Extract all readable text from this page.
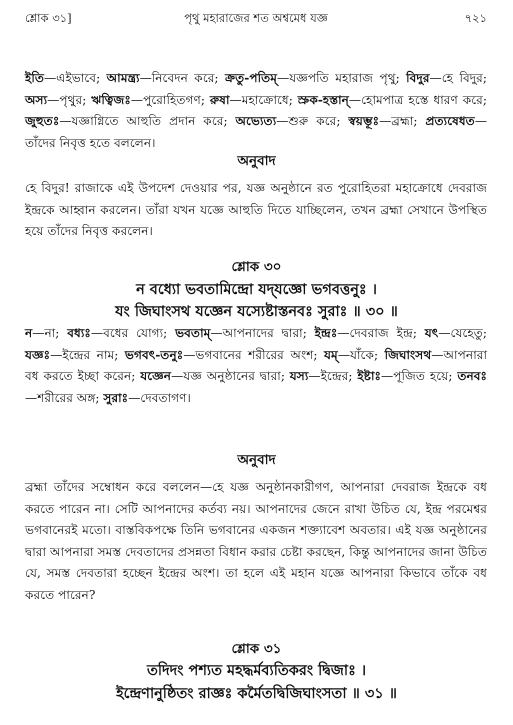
শ্লোক ৩১]	পৃথু মহারাজের শত অশ্বমেধ যজ্ঞ	৭২১
ইতি—এইভাবে; আমন্ত্র্য—নিবেদন করে; ক্রতু-পতিম্—যজ্ঞপতি মহারাজ পৃথু; বিদুর—হে বিদুর; অস্য—পৃথুর; ঋত্বিজঃ—পুরোহিতগণ; রুষা—মহাক্রোধে; স্রুক-হস্তান্—হোমপাত্র হস্তে ধারণ করে; জুহুতঃ—যজ্ঞাগ্নিতে আহুতি প্রদান করে; অভ্যেত্য—শুরু করে; স্বয়ম্ভূঃ—ব্রহ্মা; প্রত্যষেধত—তাঁদের নিবৃত্ত হতে বললেন।
অনুবাদ
হে বিদুর! রাজাকে এই উপদেশ দেওয়ার পর, যজ্ঞ অনুষ্ঠানে রত পুরোহিতরা মহাক্রোধে দেবরাজ ইন্দ্রকে আহ্বান করলেন। তাঁরা যখন যজ্ঞে আহুতি দিতে যাচ্ছিলেন, তখন ব্রহ্মা সেখানে উপস্থিত হয়ে তাঁদের নিবৃত্ত করলেন।
শ্লোক ৩০
ন বধ্যো ভবতামিন্দ্রো যদ্‌যজ্ঞো ভগবত্তনুঃ ।
যং জিঘাংসথ যজ্ঞেন যস্যেষ্টাস্তনবঃ সুরাঃ ॥ ৩০ ॥
ন—না; বধ্যঃ—বধের যোগ্য; ভবতাম্—আপনাদের দ্বারা; ইন্দ্রঃ—দেবরাজ ইন্দ্র; যৎ—যেহেতু; যজ্ঞঃ—ইন্দ্রের নাম; ভগবৎ-তনুঃ—ভগবানের শরীরের অংশ; যম্—যাঁকে; জিঘাংসথ—আপনারা বধ করতে ইচ্ছা করেন; যজ্ঞেন—যজ্ঞ অনুষ্ঠানের দ্বারা; যস্য—ইন্দ্রের; ইষ্টাঃ—পূজিত হয়ে; তনবঃ—শরীরের অঙ্গ; সুরাঃ—দেবতাগণ।
অনুবাদ
ব্রহ্মা তাঁদের সম্বোধন করে বললেন—হে যজ্ঞ অনুষ্ঠানকারীগণ, আপনারা দেবরাজ ইন্দ্রকে বধ করতে পারেন না। সেটি আপনাদের কর্তব্য নয়। আপনাদের জেনে রাখা উচিত যে, ইন্দ্র পরমেশ্বর ভগবানেরই মতো। বাস্তবিকপক্ষে তিনি ভগবানের একজন শক্ত্যাবেশ অবতার। এই যজ্ঞ অনুষ্ঠানের দ্বারা আপনারা সমস্ত দেবতাদের প্রসন্নতা বিধান করার চেষ্টা করছেন, কিন্তু আপনাদের জানা উচিত যে, সমস্ত দেবতারা হচ্ছেন ইন্দ্রের অংশ। তা হলে এই মহান যজ্ঞে আপনারা কিভাবে তাঁকে বধ করতে পারেন?
শ্লোক ৩১
তদিদং পশ্যত মহদ্ধর্মব্যতিকরং দ্বিজাঃ ।
ইন্দ্রেণানুষ্ঠিতং রাজ্ঞঃ কর্মৈতদ্বিজিঘাংসতা ॥ ৩১ ॥
